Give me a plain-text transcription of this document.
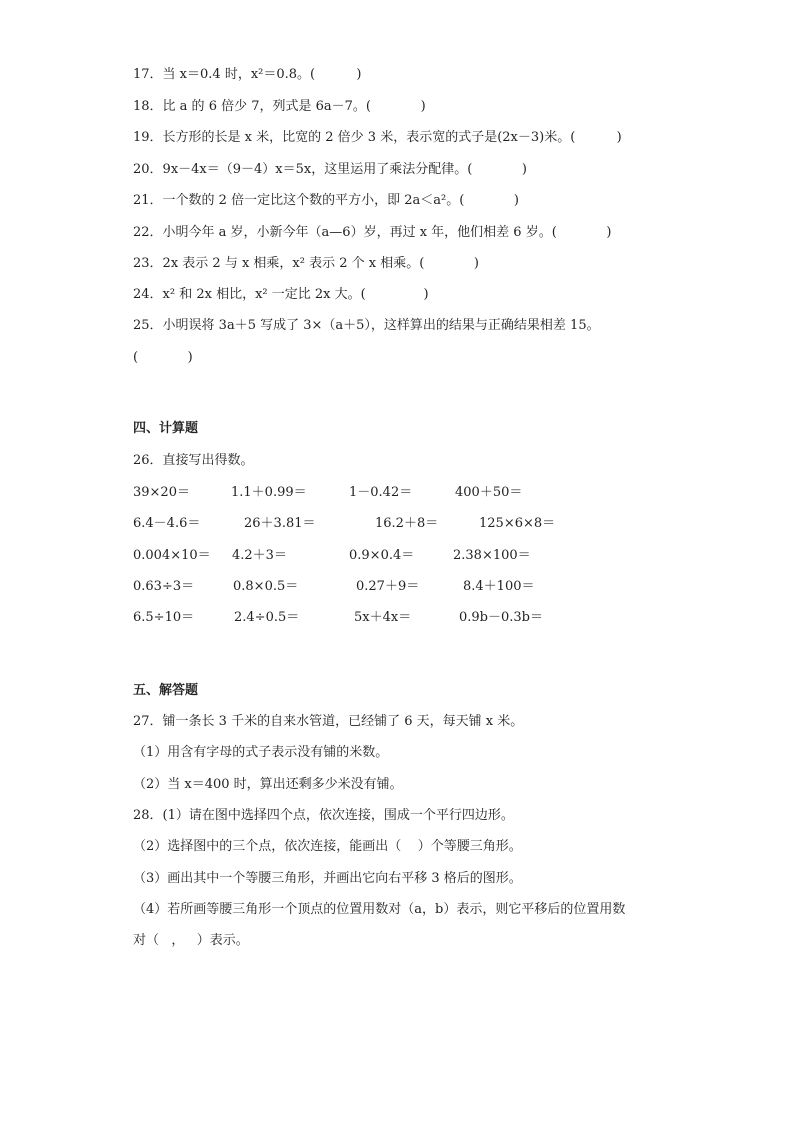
17．当 x＝0.4 时，x²＝0.8。(          )
18．比 a 的 6 倍少 7，列式是 6a－7。(            )
19．长方形的长是 x 米，比宽的 2 倍少 3 米，表示宽的式子是(2x－3)米。(          )
20．9x－4x＝（9－4）x＝5x，这里运用了乘法分配律。(            )
21．一个数的 2 倍一定比这个数的平方小，即 2a＜a²。(            )
22．小明今年 a 岁，小新今年（a—6）岁，再过 x 年，他们相差 6 岁。(            )
23．2x 表示 2 与 x 相乘，x² 表示 2 个 x 相乘。(            )
24．x² 和 2x 相比，x² 一定比 2x 大。(              )
25．小明误将 3a＋5 写成了 3×（a＋5），这样算出的结果与正确结果相差 15。
(            )
四、计算题
26．直接写出得数。
39×20＝	1.1＋0.99＝	1－0.42＝	400＋50＝
6.4－4.6＝	26＋3.81＝	16.2＋8＝	125×6×8＝
0.004×10＝ 4.2＋3＝	0.9×0.4＝	2.38×100＝
0.63÷3＝	0.8×0.5＝	0.27＋9＝	8.4＋100＝
6.5÷10＝	2.4÷0.5＝	5x＋4x＝	0.9b－0.3b＝
五、解答题
27．铺一条长 3 千米的自来水管道，已经铺了 6 天，每天铺 x 米。
（1）用含有字母的式子表示没有铺的米数。
（2）当 x＝400 时，算出还剩多少米没有铺。
28．(1）请在图中选择四个点，依次连接，围成一个平行四边形。
（2）选择图中的三个点，依次连接，能画出（    ）个等腰三角形。
（3）画出其中一个等腰三角形，并画出它向右平移 3 格后的图形。
（4）若所画等腰三角形一个顶点的位置用数对（a，b）表示，则它平移后的位置用数
对（   ，   ）表示。
